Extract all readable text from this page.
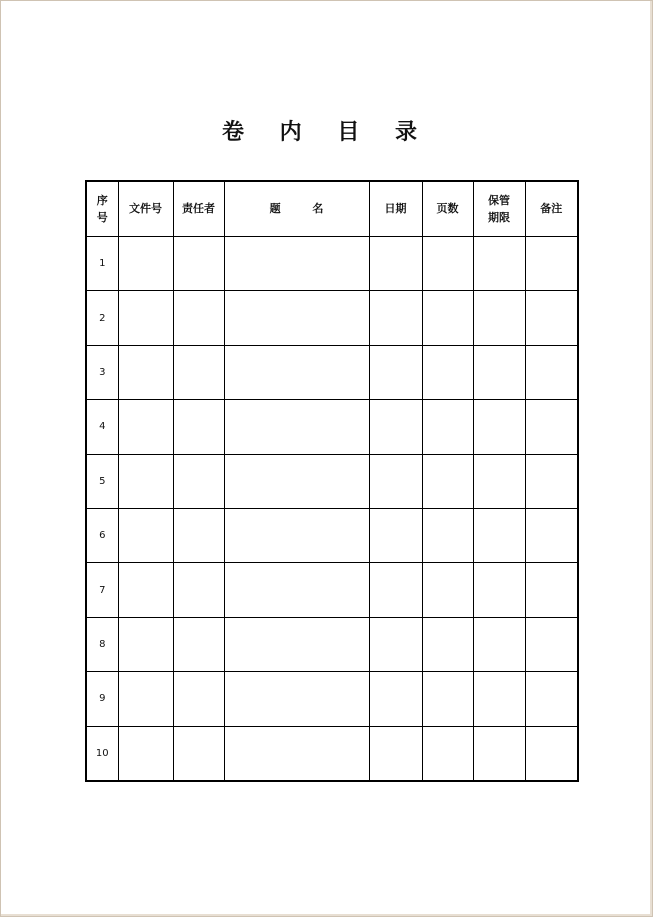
卷 内 目 录
序号	文件号	责任者	题 名	日期	页数	保管期限	备注
1							
2							
3							
4							
5							
6							
7							
8							
9							
10							
